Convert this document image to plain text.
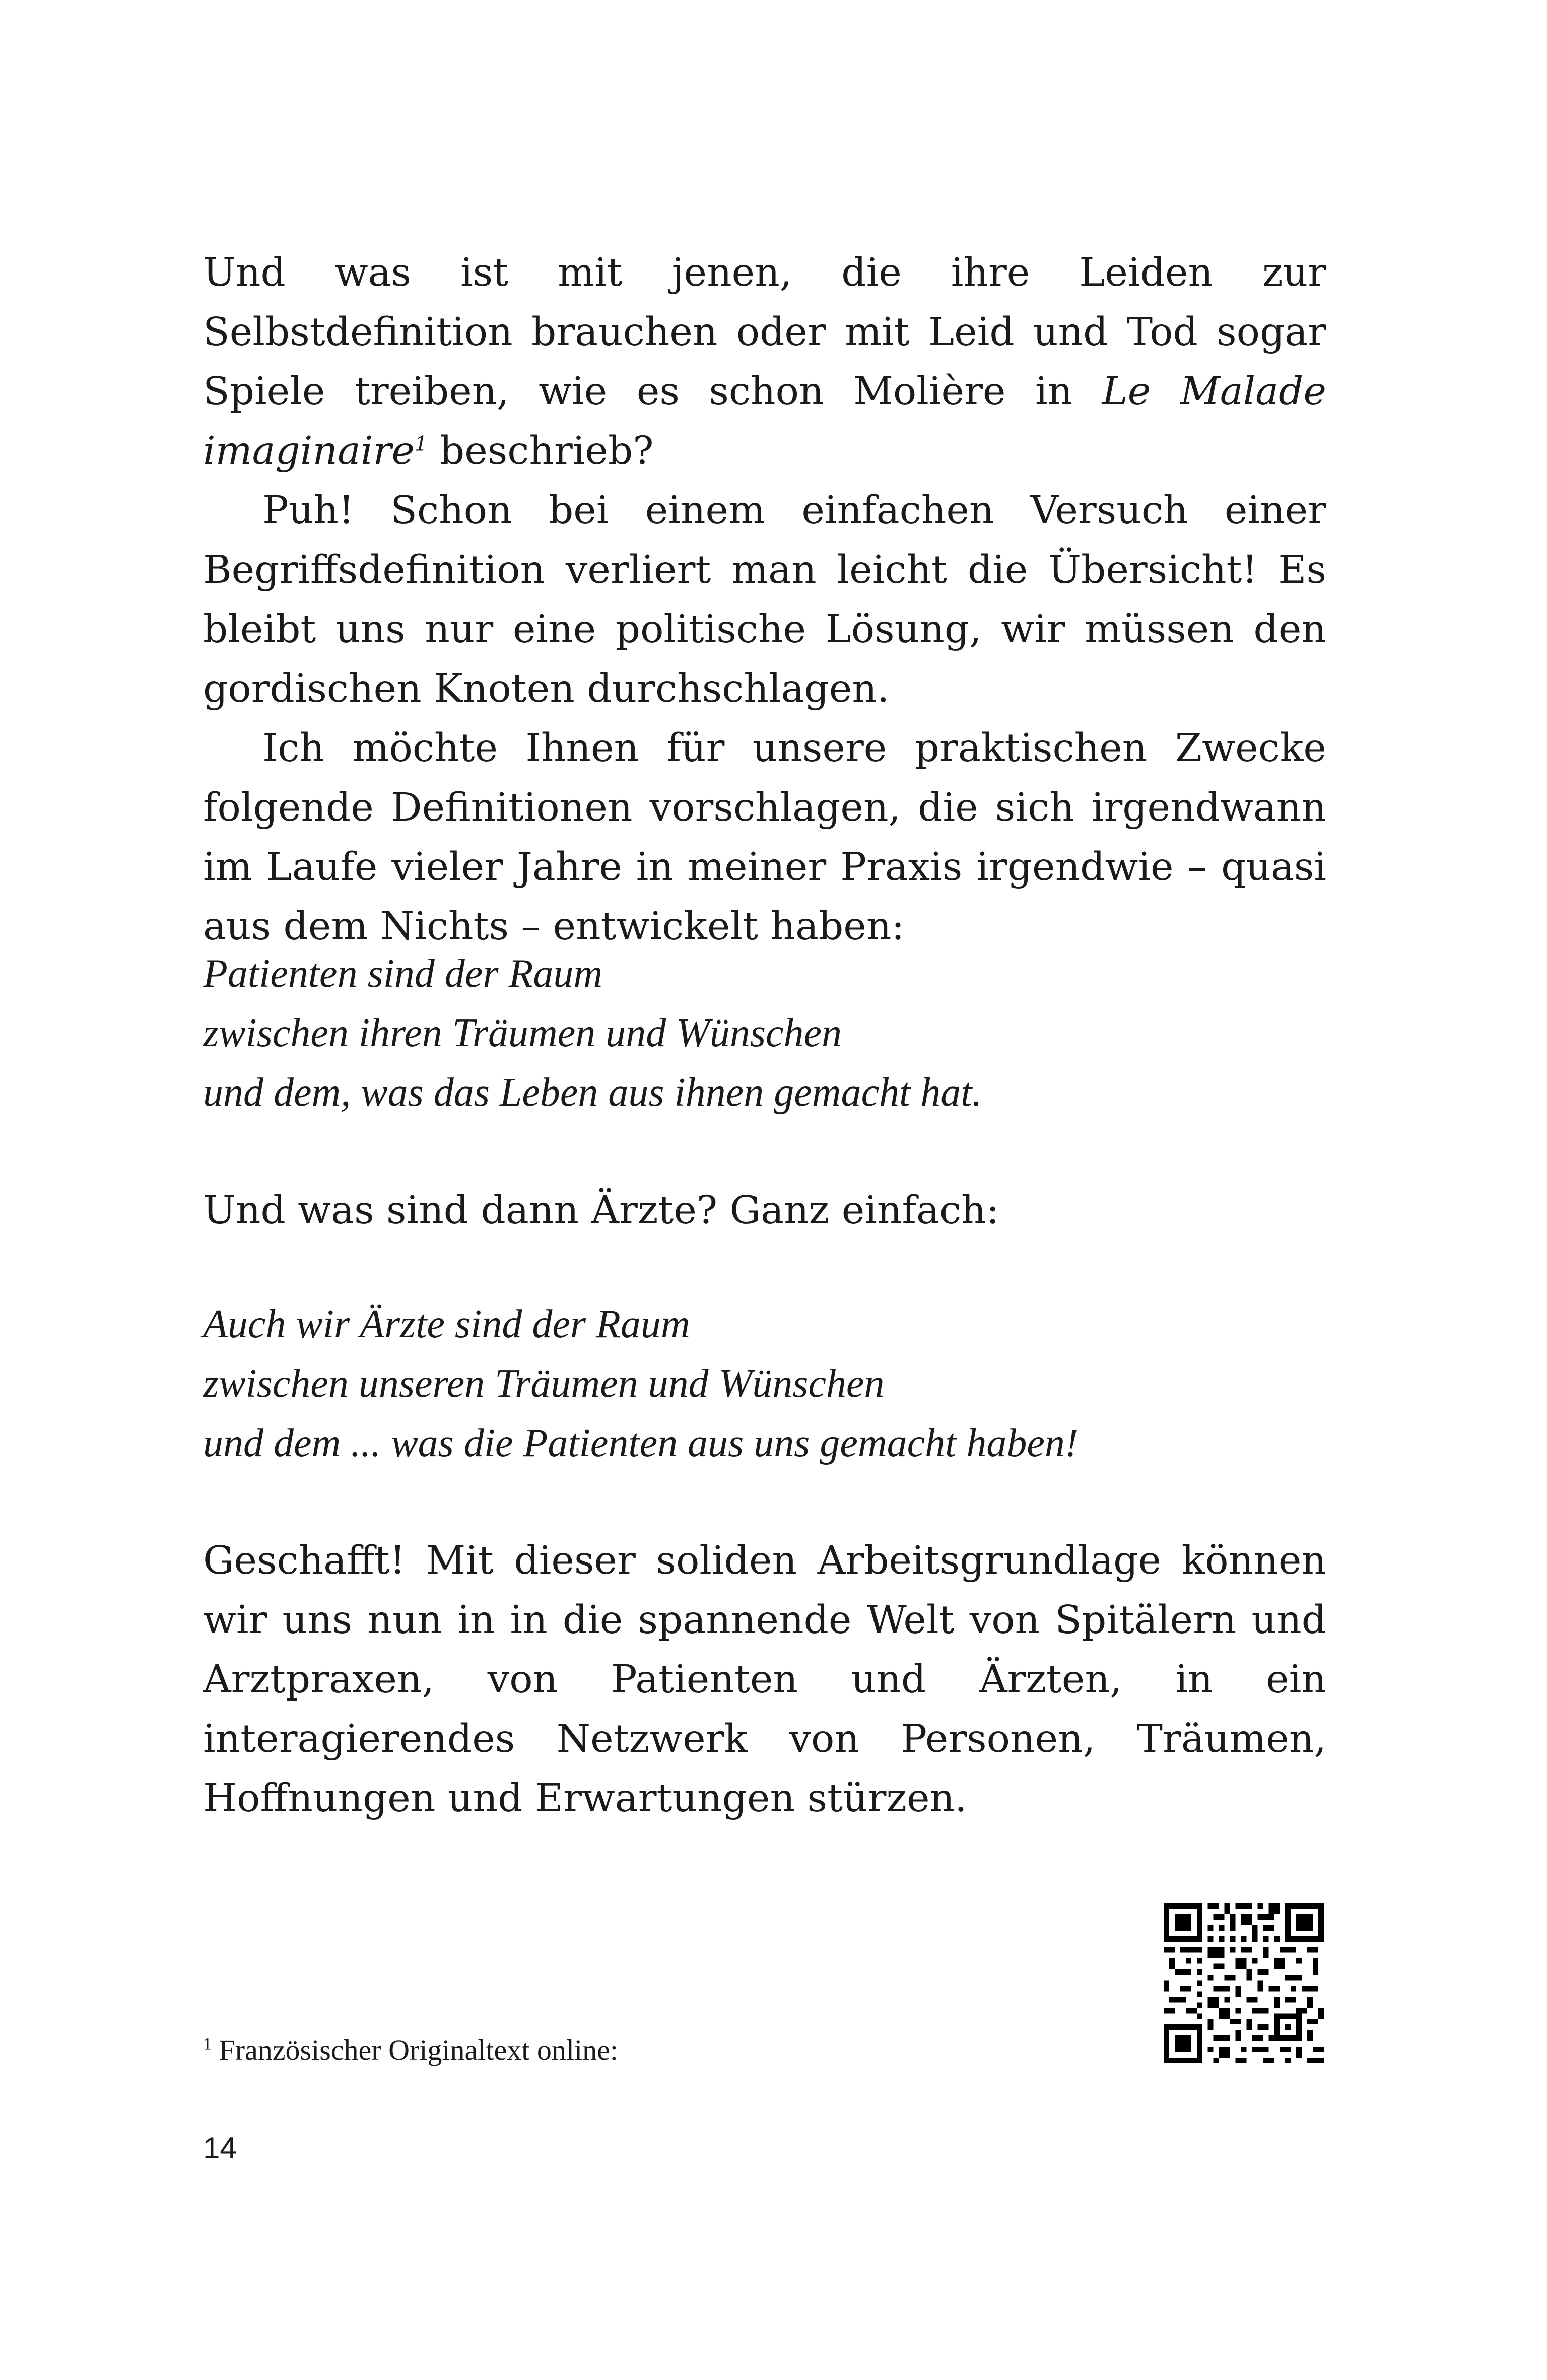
Und was ist mit jenen, die ihre Leiden zur Selbstdefinition brauchen oder mit Leid und Tod sogar Spiele treiben, wie es schon Molière in Le Malade imaginaire$^1$ beschrieb?

Puh! Schon bei einem einfachen Versuch einer Begriffsdefinition verliert man leicht die Übersicht! Es bleibt uns nur eine politische Lösung, wir müssen den gordischen Knoten durchschlagen.

Ich möchte Ihnen für unsere praktischen Zwecke folgende Definitionen vorschlagen, die sich irgendwann im Laufe vieler Jahre in meiner Praxis irgendwie – quasi aus dem Nichts – entwickelt haben:

Patienten sind der Raum
zwischen ihren Träumen und Wünschen
und dem, was das Leben aus ihnen gemacht hat.
Und was sind dann Ärzte? Ganz einfach:
Auch wir Ärzte sind der Raum
zwischen unseren Träumen und Wünschen
und dem ... was die Patienten aus uns gemacht haben!

Geschafft! Mit dieser soliden Arbeitsgrundlage können wir uns nun in in die spannende Welt von Spitälern und Arztpraxen, von Patienten und Ärzten, in ein interagierendes Netzwerk von Personen, Träumen, Hoffnungen und Erwartungen stürzen.

$^1$ Französischer Originaltext online:
14
